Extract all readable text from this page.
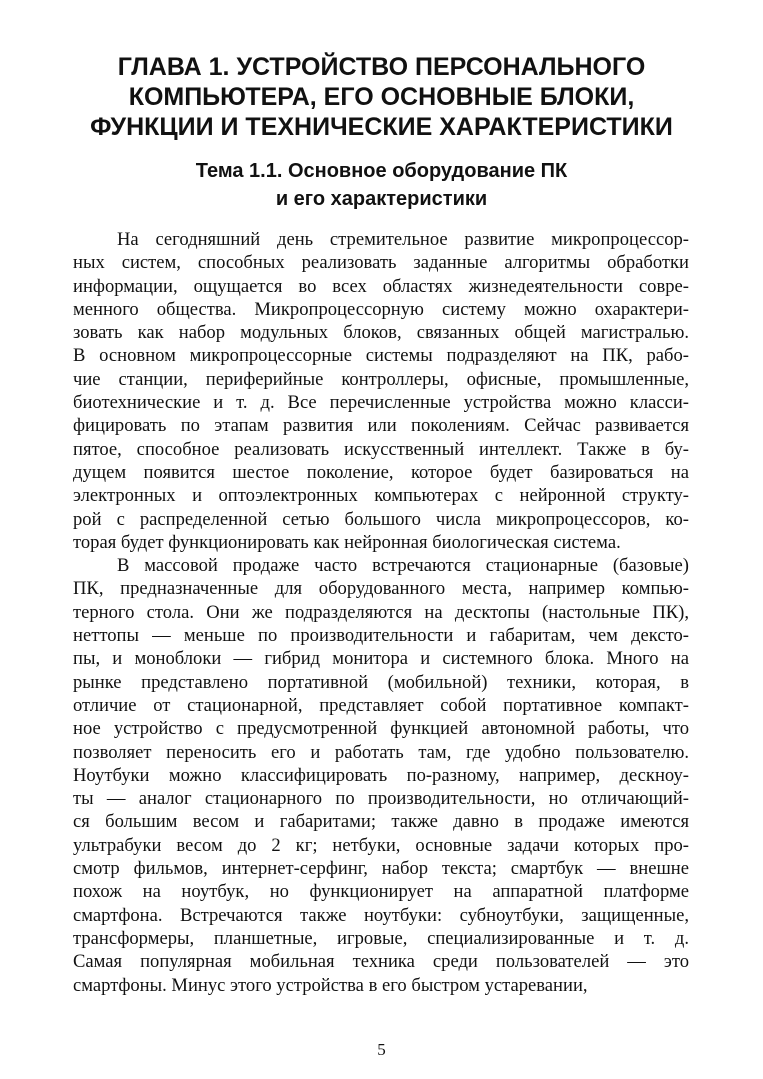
ГЛАВА 1. УСТРОЙСТВО ПЕРСОНАЛЬНОГО
КОМПЬЮТЕРА, ЕГО ОСНОВНЫЕ БЛОКИ,
ФУНКЦИИ И ТЕХНИЧЕСКИЕ ХАРАКТЕРИСТИКИ
Тема 1.1. Основное оборудование ПК
и его характеристики
На сегодняшний день стремительное развитие микропроцессор-
ных систем, способных реализовать заданные алгоритмы обработки
информации, ощущается во всех областях жизнедеятельности совре-
менного общества. Микропроцессорную систему можно охарактери-
зовать как набор модульных блоков, связанных общей магистралью.
В основном микропроцессорные системы подразделяют на ПК, рабо-
чие станции, периферийные контроллеры, офисные, промышленные,
биотехнические и т. д. Все перечисленные устройства можно класси-
фицировать по этапам развития или поколениям. Сейчас развивается
пятое, способное реализовать искусственный интеллект. Также в бу-
дущем появится шестое поколение, которое будет базироваться на
электронных и оптоэлектронных компьютерах с нейронной структу-
рой с распределенной сетью большого числа микропроцессоров, ко-
торая будет функционировать как нейронная биологическая система.
В массовой продаже часто встречаются стационарные (базовые)
ПК, предназначенные для оборудованного места, например компью-
терного стола. Они же подразделяются на десктопы (настольные ПК),
неттопы — меньше по производительности и габаритам, чем дексто-
пы, и моноблоки — гибрид монитора и системного блока. Много на
рынке представлено портативной (мобильной) техники, которая, в
отличие от стационарной, представляет собой портативное компакт-
ное устройство с предусмотренной функцией автономной работы, что
позволяет переносить его и работать там, где удобно пользователю.
Ноутбуки можно классифицировать по-разному, например, дескноу-
ты — аналог стационарного по производительности, но отличающий-
ся большим весом и габаритами; также давно в продаже имеются
ультрабуки весом до 2 кг; нетбуки, основные задачи которых про-
смотр фильмов, интернет-серфинг, набор текста; смартбук — внешне
похож на ноутбук, но функционирует на аппаратной платформе
смартфона. Встречаются также ноутбуки: субноутбуки, защищенные,
трансформеры, планшетные, игровые, специализированные и т. д.
Самая популярная мобильная техника среди пользователей — это
смартфоны. Минус этого устройства в его быстром устаревании,
5
